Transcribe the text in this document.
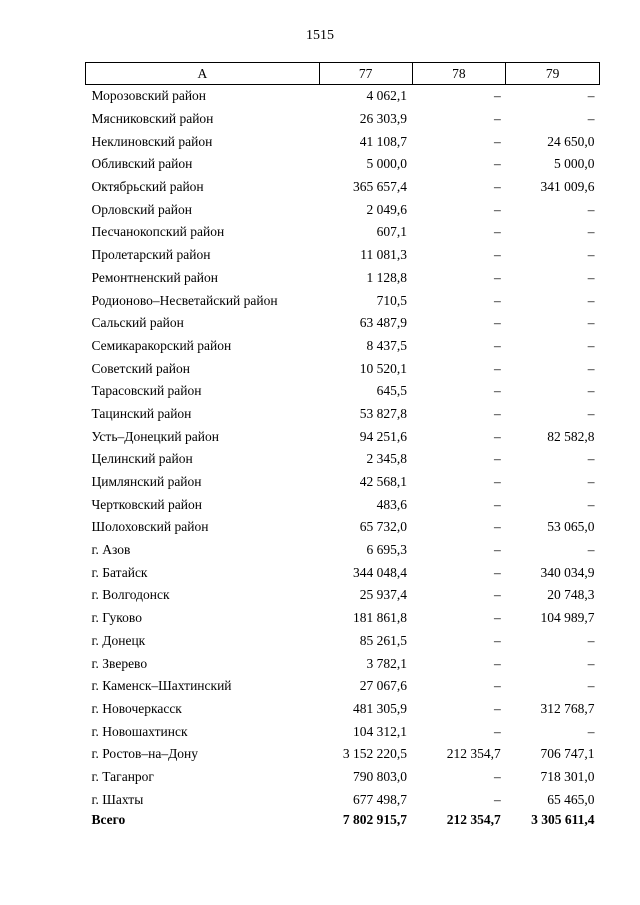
1515
А	77	78	79
Морозовский район	4 062,1	–	–
Мясниковский район	26 303,9	–	–
Неклиновский район	41 108,7	–	24 650,0
Обливский район	5 000,0	–	5 000,0
Октябрьский район	365 657,4	–	341 009,6
Орловский район	2 049,6	–	–
Песчанокопский район	607,1	–	–
Пролетарский район	11 081,3	–	–
Ремонтненский район	1 128,8	–	–
Родионово–Несветайский район	710,5	–	–
Сальский район	63 487,9	–	–
Семикаракорский район	8 437,5	–	–
Советский район	10 520,1	–	–
Тарасовский район	645,5	–	–
Тацинский район	53 827,8	–	–
Усть–Донецкий район	94 251,6	–	82 582,8
Целинский район	2 345,8	–	–
Цимлянский район	42 568,1	–	–
Чертковский район	483,6	–	–
Шолоховский район	65 732,0	–	53 065,0
г. Азов	6 695,3	–	–
г. Батайск	344 048,4	–	340 034,9
г. Волгодонск	25 937,4	–	20 748,3
г. Гуково	181 861,8	–	104 989,7
г. Донецк	85 261,5	–	–
г. Зверево	3 782,1	–	–
г. Каменск–Шахтинский	27 067,6	–	–
г. Новочеркасск	481 305,9	–	312 768,7
г. Новошахтинск	104 312,1	–	–
г. Ростов–на–Дону	3 152 220,5	212 354,7	706 747,1
г. Таганрог	790 803,0	–	718 301,0
г. Шахты	677 498,7	–	65 465,0
Всего	7 802 915,7	212 354,7	3 305 611,4
